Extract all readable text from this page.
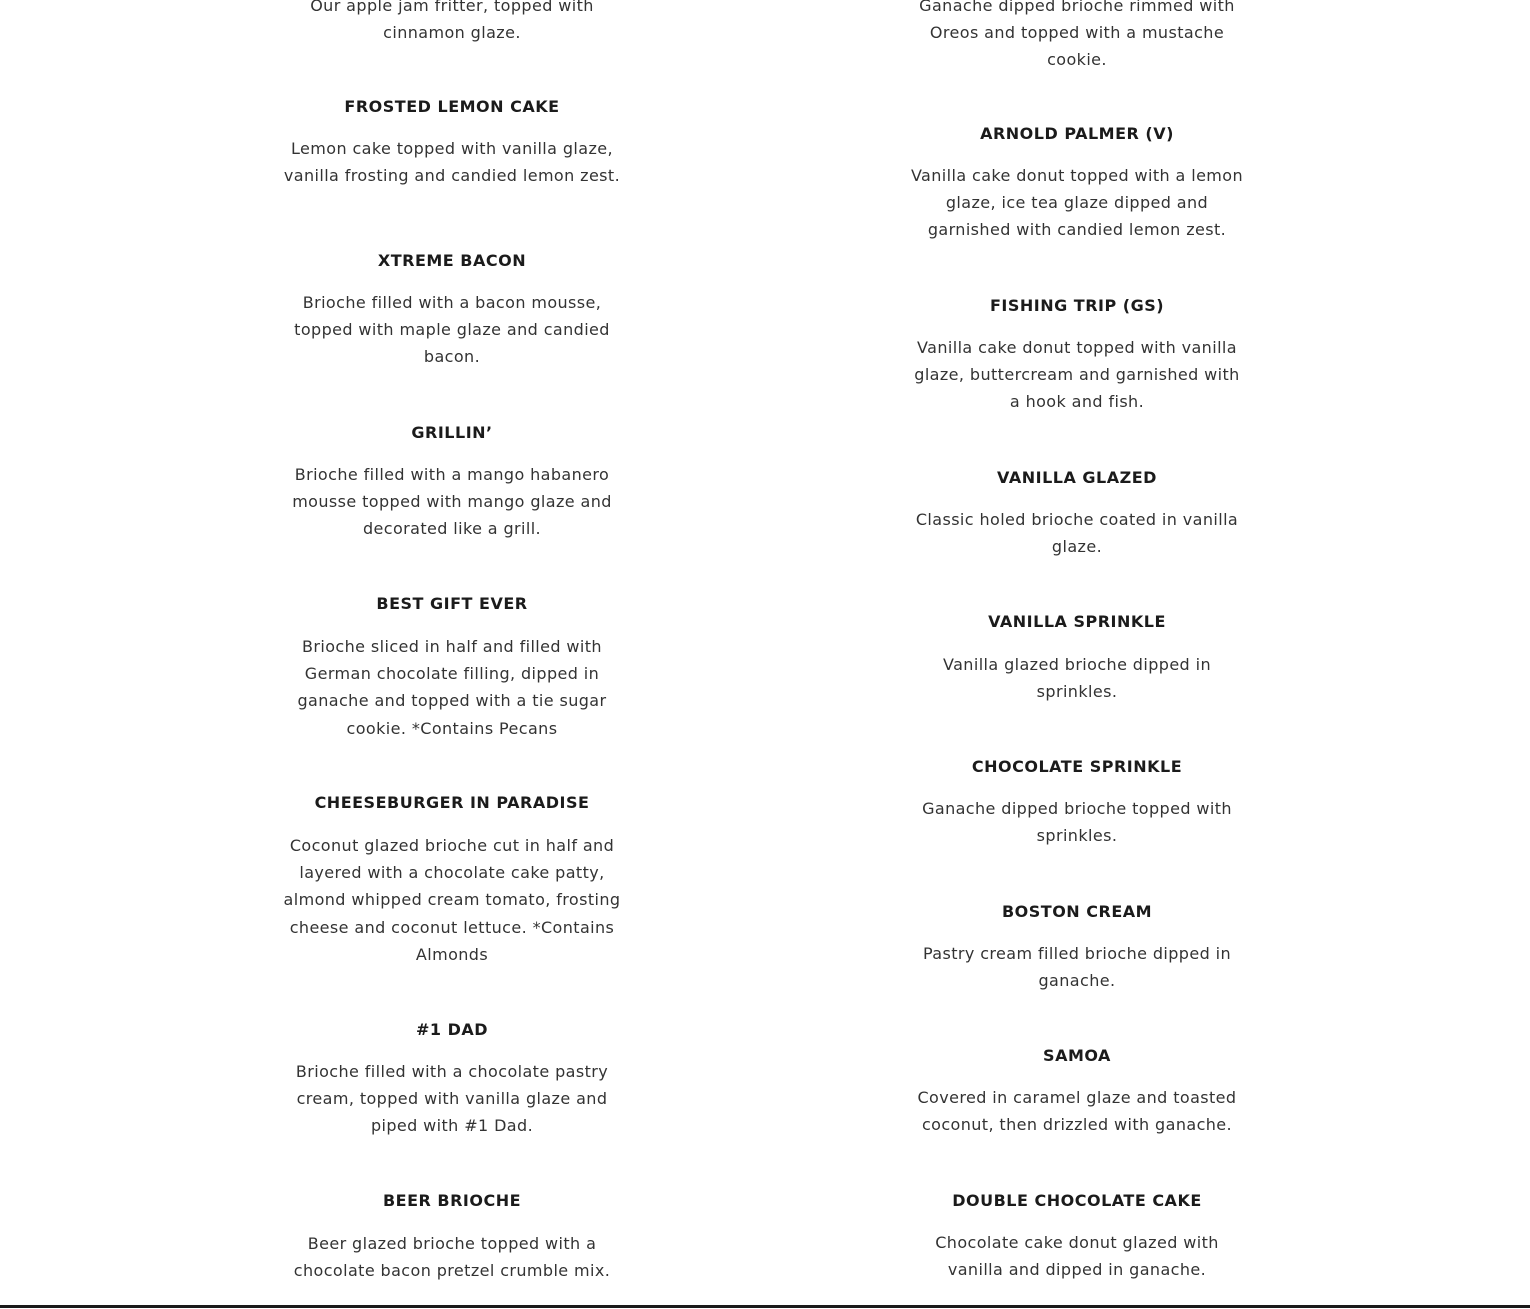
Our apple jam fritter, topped with cinnamon glaze.

FROSTED LEMON CAKE

Lemon cake topped with vanilla glaze, vanilla frosting and candied lemon zest.

XTREME BACON

Brioche filled with a bacon mousse, topped with maple glaze and candied bacon.

GRILLIN’

Brioche filled with a mango habanero mousse topped with mango glaze and decorated like a grill.

BEST GIFT EVER

Brioche sliced in half and filled with German chocolate filling, dipped in ganache and topped with a tie sugar cookie. *Contains Pecans

CHEESEBURGER IN PARADISE

Coconut glazed brioche cut in half and layered with a chocolate cake patty, almond whipped cream tomato, frosting cheese and coconut lettuce. *Contains Almonds

#1 DAD

Brioche filled with a chocolate pastry cream, topped with vanilla glaze and piped with #1 Dad.

BEER BRIOCHE

Beer glazed brioche topped with a chocolate bacon pretzel crumble mix.

Ganache dipped brioche rimmed with Oreos and topped with a mustache cookie.

ARNOLD PALMER (V)

Vanilla cake donut topped with a lemon glaze, ice tea glaze dipped and garnished with candied lemon zest.

FISHING TRIP (GS)

Vanilla cake donut topped with vanilla glaze, buttercream and garnished with a hook and fish.

VANILLA GLAZED

Classic holed brioche coated in vanilla glaze.

VANILLA SPRINKLE

Vanilla glazed brioche dipped in sprinkles.

CHOCOLATE SPRINKLE

Ganache dipped brioche topped with sprinkles.

BOSTON CREAM

Pastry cream filled brioche dipped in ganache.

SAMOA

Covered in caramel glaze and toasted coconut, then drizzled with ganache.

DOUBLE CHOCOLATE CAKE

Chocolate cake donut glazed with vanilla and dipped in ganache.
